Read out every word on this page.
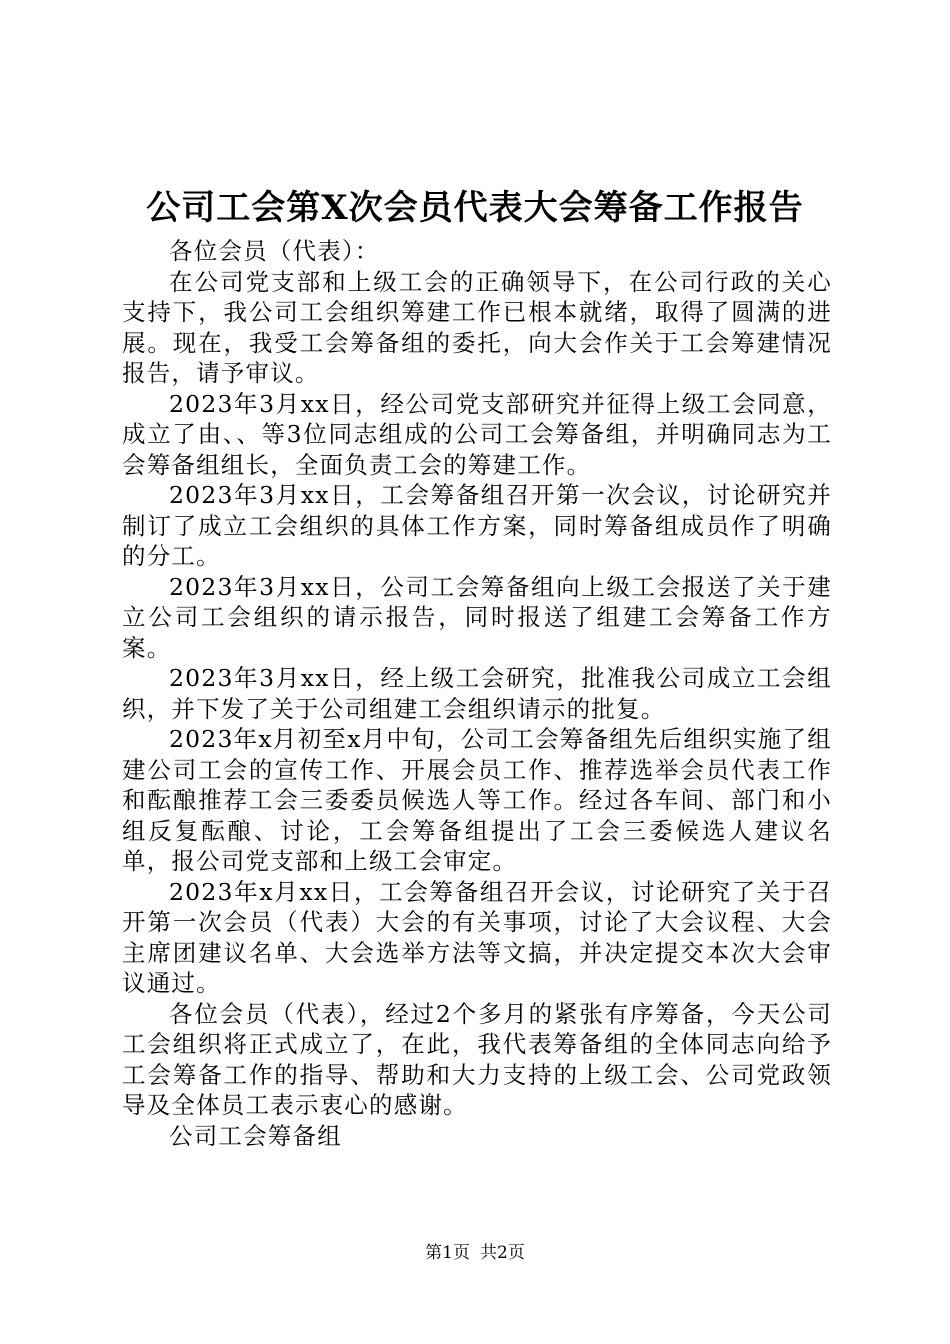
公司工会第X次会员代表大会筹备工作报告

各位会员（代表）：

在公司党支部和上级工会的正确领导下，在公司行政的关心支持下，我公司工会组织筹建工作已根本就绪，取得了圆满的进展。现在，我受工会筹备组的委托，向大会作关于工会筹建情况报告，请予审议。

2023年3月xx日，经公司党支部研究并征得上级工会同意，成立了由、、等3位同志组成的公司工会筹备组，并明确同志为工会筹备组组长，全面负责工会的筹建工作。

2023年3月xx日，工会筹备组召开第一次会议，讨论研究并制订了成立工会组织的具体工作方案，同时筹备组成员作了明确的分工。

2023年3月xx日，公司工会筹备组向上级工会报送了关于建立公司工会组织的请示报告，同时报送了组建工会筹备工作方案。

2023年3月xx日，经上级工会研究，批准我公司成立工会组织，并下发了关于公司组建工会组织请示的批复。

2023年x月初至x月中旬，公司工会筹备组先后组织实施了组建公司工会的宣传工作、开展会员工作、推荐选举会员代表工作和酝酿推荐工会三委委员候选人等工作。经过各车间、部门和小组反复酝酿、讨论，工会筹备组提出了工会三委候选人建议名单，报公司党支部和上级工会审定。

2023年x月xx日，工会筹备组召开会议，讨论研究了关于召开第一次会员（代表）大会的有关事项，讨论了大会议程、大会主席团建议名单、大会选举方法等文搞，并决定提交本次大会审议通过。

各位会员（代表），经过2个多月的紧张有序筹备，今天公司工会组织将正式成立了，在此，我代表筹备组的全体同志向给予工会筹备工作的指导、帮助和大力支持的上级工会、公司党政领导及全体员工表示衷心的感谢。

公司工会筹备组

第1页 共2页
